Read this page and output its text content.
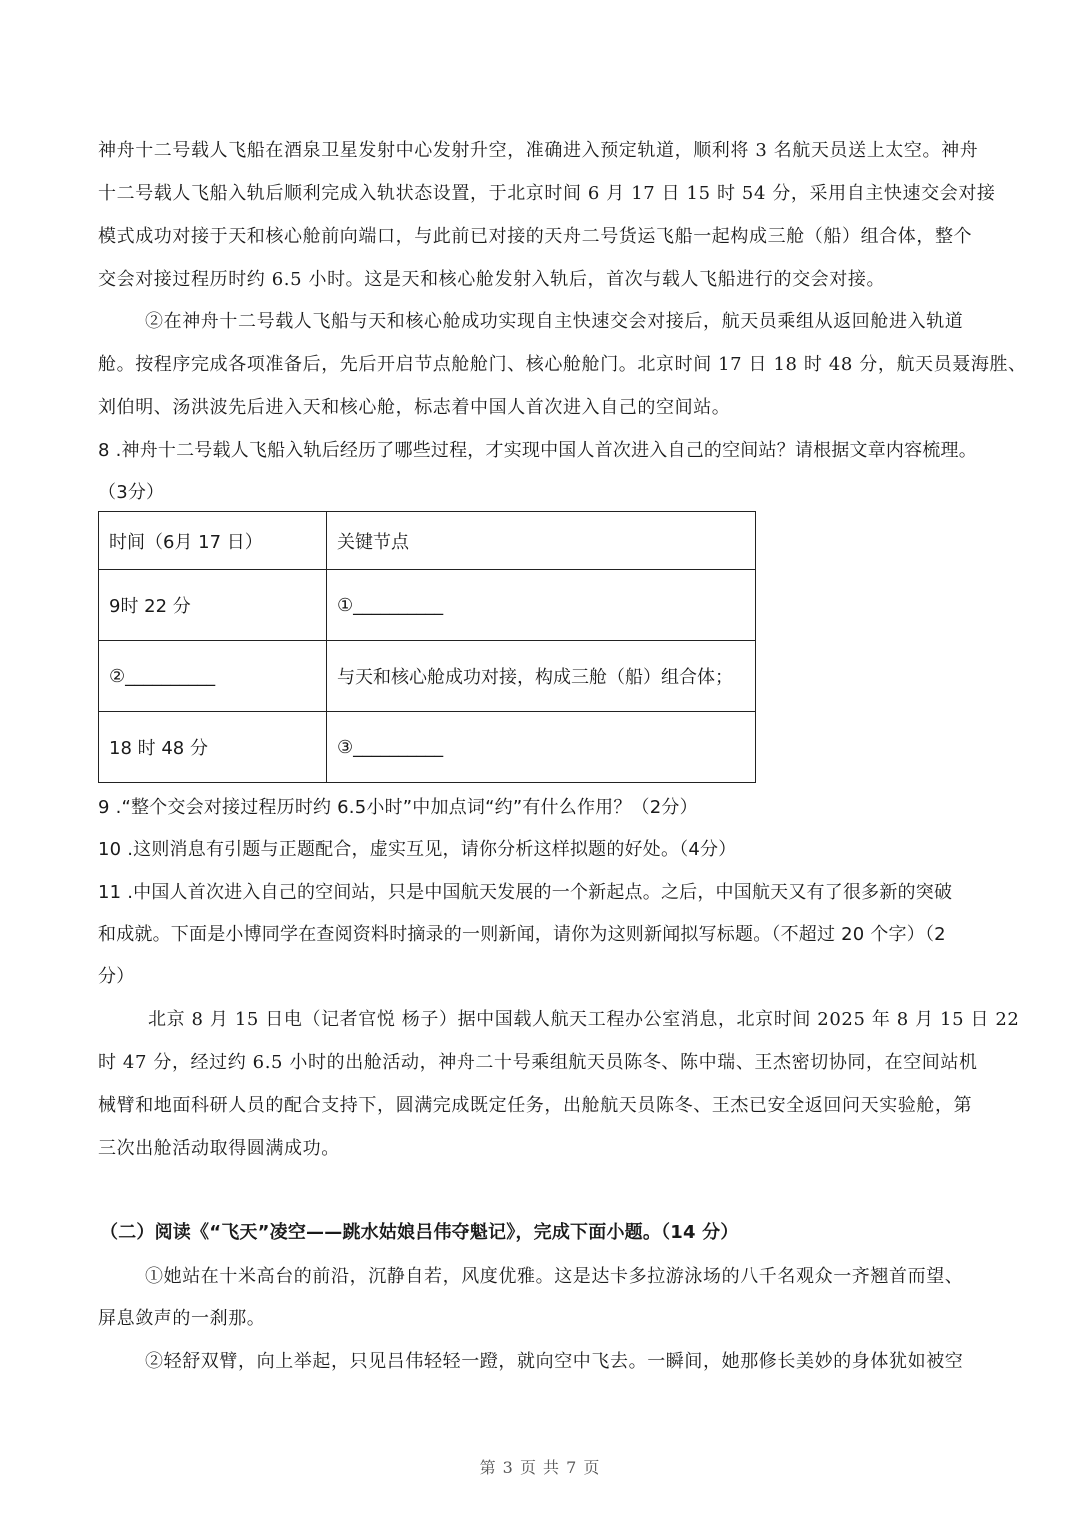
神舟十二号载人飞船在酒泉卫星发射中心发射升空，准确进入预定轨道，顺利将 3 名航天员送上太空。神舟
十二号载人飞船入轨后顺利完成入轨状态设置，于北京时间 6 月 17 日 15 时 54 分，采用自主快速交会对接
模式成功对接于天和核心舱前向端口，与此前已对接的天舟二号货运飞船一起构成三舱（船）组合体，整个
交会对接过程历时约 6.5 小时。这是天和核心舱发射入轨后，首次与载人飞船进行的交会对接。
②在神舟十二号载人飞船与天和核心舱成功实现自主快速交会对接后，航天员乘组从返回舱进入轨道
舱。按程序完成各项准备后，先后开启节点舱舱门、核心舱舱门。北京时间 17 日 18 时 48 分，航天员聂海胜、
刘伯明、汤洪波先后进入天和核心舱，标志着中国人首次进入自己的空间站。
8 .神舟十二号载人飞船入轨后经历了哪些过程，才实现中国人首次进入自己的空间站？请根据文章内容梳理。
（3分）
时间（6月 17 日）	关键节点
9时 22 分	①__________
②__________	与天和核心舱成功对接，构成三舱（船）组合体；
18 时 48 分	③__________
9 .“整个交会对接过程历时约 6.5小时”中加点词“约”有什么作用？（2分）
10 .这则消息有引题与正题配合，虚实互见，请你分析这样拟题的好处。（4分）
11 .中国人首次进入自己的空间站，只是中国航天发展的一个新起点。之后，中国航天又有了很多新的突破
和成就。下面是小博同学在查阅资料时摘录的一则新闻，请你为这则新闻拟写标题。（不超过 20 个字）（2
分）
北京 8 月 15 日电（记者官悦 杨子）据中国载人航天工程办公室消息，北京时间 2025 年 8 月 15 日 22
时 47 分，经过约 6.5 小时的出舱活动，神舟二十号乘组航天员陈冬、陈中瑞、王杰密切协同，在空间站机
械臂和地面科研人员的配合支持下，圆满完成既定任务，出舱航天员陈冬、王杰已安全返回问天实验舱，第
三次出舱活动取得圆满成功。
（二）阅读《“飞天”凌空——跳水姑娘吕伟夺魁记》，完成下面小题。（14 分）
①她站在十米高台的前沿，沉静自若，风度优雅。这是达卡多拉游泳场的八千名观众一齐翘首而望、
屏息敛声的一刹那。
②轻舒双臂，向上举起，只见吕伟轻轻一蹬，就向空中飞去。一瞬间，她那修长美妙的身体犹如被空
第 3 页 共 7 页
